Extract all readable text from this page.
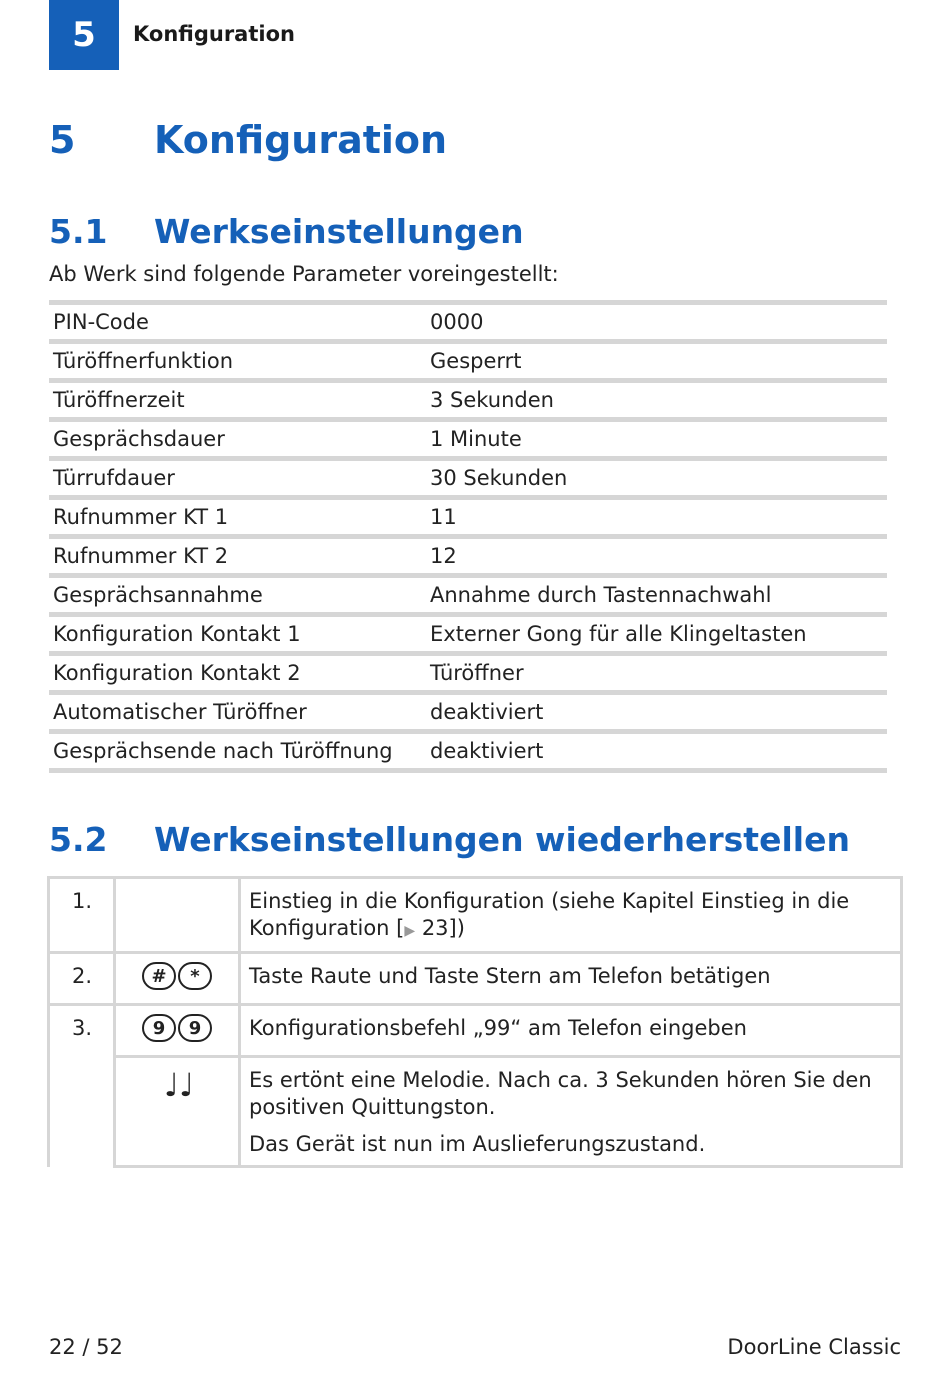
5 Konfiguration
5 Konfiguration
5.1 Werkseinstellungen
Ab Werk sind folgende Parameter voreingestellt:
PIN-Code	0000
Türöffnerfunktion	Gesperrt
Türöffnerzeit	3 Sekunden
Gesprächsdauer	1 Minute
Türrufdauer	30 Sekunden
Rufnummer KT 1	11
Rufnummer KT 2	12
Gesprächsannahme	Annahme durch Tastennachwahl
Konfiguration Kontakt 1	Externer Gong für alle Klingeltasten
Konfiguration Kontakt 2	Türöffner
Automatischer Türöffner	deaktiviert
Gesprächsende nach Türöffnung	deaktiviert
5.2 Werkseinstellungen wiederherstellen
1.		Einstieg in die Konfiguration (siehe Kapitel Einstieg in die Konfiguration [▶ 23])
2.	# *	Taste Raute und Taste Stern am Telefon betätigen
3.	9 9	Konfigurationsbefehl „99“ am Telefon eingeben
	♩♩	Es ertönt eine Melodie. Nach ca. 3 Sekunden hören Sie den positiven Quittungston.
Das Gerät ist nun im Auslieferungszustand.
22 / 52	DoorLine Classic
